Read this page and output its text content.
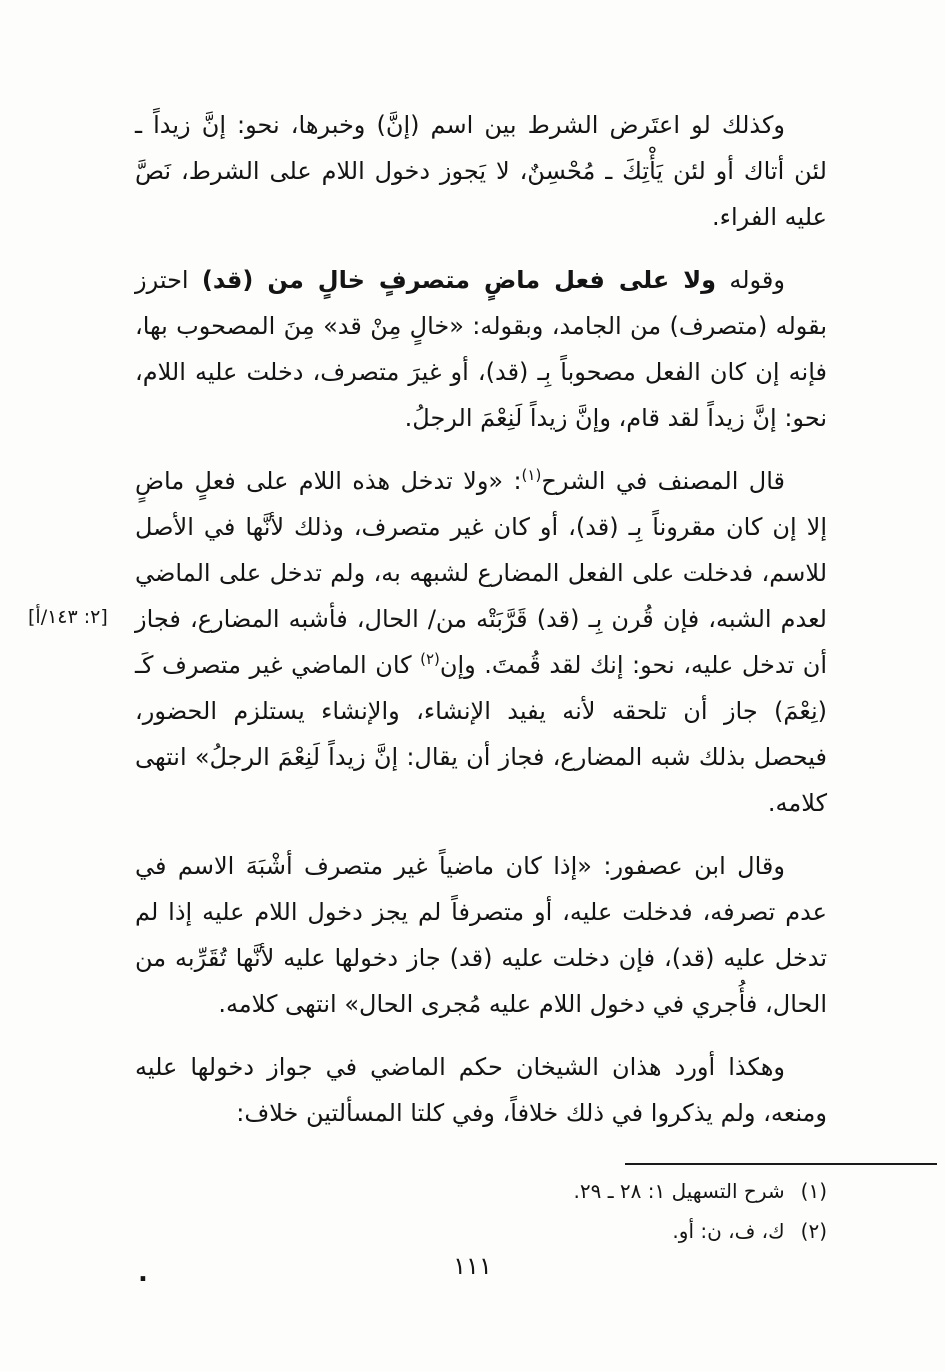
[٢: ١٤٣/أ]

وكذلك لو اعتَرض الشرط بين اسم (إنَّ) وخبرها، نحو: إنَّ زيداً ـ لئن أتاك أو لئن يَأْتِكَ ـ مُحْسِنٌ، لا يَجوز دخول اللام على الشرط، نَصَّ عليه الفراء.

وقوله ولا على فعل ماضٍ متصرفٍ خالٍ من (قد) احترز بقوله (متصرف) من الجامد، وبقوله: «خالٍ مِنْ قد» مِنَ المصحوب بها، فإنه إن كان الفعل مصحوباً بِـ (قد)، أو غيرَ متصرف، دخلت عليه اللام، نحو: إنَّ زيداً لقد قام، وإنَّ زيداً لَنِعْمَ الرجلُ.

قال المصنف في الشرح$^{(١)}$: «ولا تدخل هذه اللام على فعلٍ ماضٍ إلا إن كان مقروناً بِـ (قد)، أو كان غير متصرف، وذلك لأنَّها في الأصل للاسم، فدخلت على الفعل المضارع لشبهه به، ولم تدخل على الماضي لعدم الشبه، فإن قُرن بِـ (قد) قَرَّبَتْه من/ الحال، فأشبه المضارع، فجاز أن تدخل عليه، نحو: إنك لقد قُمتَ. وإن$^{(٢)}$ كان الماضي غير متصرف كَـ (نِعْمَ) جاز أن تلحقه لأنه يفيد الإنشاء، والإنشاء يستلزم الحضور، فيحصل بذلك شبه المضارع، فجاز أن يقال: إنَّ زيداً لَنِعْمَ الرجلُ» انتهى كلامه.

وقال ابن عصفور: «إذا كان ماضياً غير متصرف أشْبَهَ الاسم في عدم تصرفه، فدخلت عليه، أو متصرفاً لم يجز دخول اللام عليه إذا لم تدخل عليه (قد)، فإن دخلت عليه (قد) جاز دخولها عليه لأنَّها تُقَرِّبه من الحال، فأُجري في دخول اللام عليه مُجرى الحال» انتهى كلامه.

وهكذا أورد هذان الشيخان حكم الماضي في جواز دخولها عليه ومنعه، ولم يذكروا في ذلك خلافاً، وفي كلتا المسألتين خلاف:

(١)
شرح التسهيل ١: ٢٨ ـ ٢٩.
(٢)
ك، ف، ن: أو.
١١١
.
